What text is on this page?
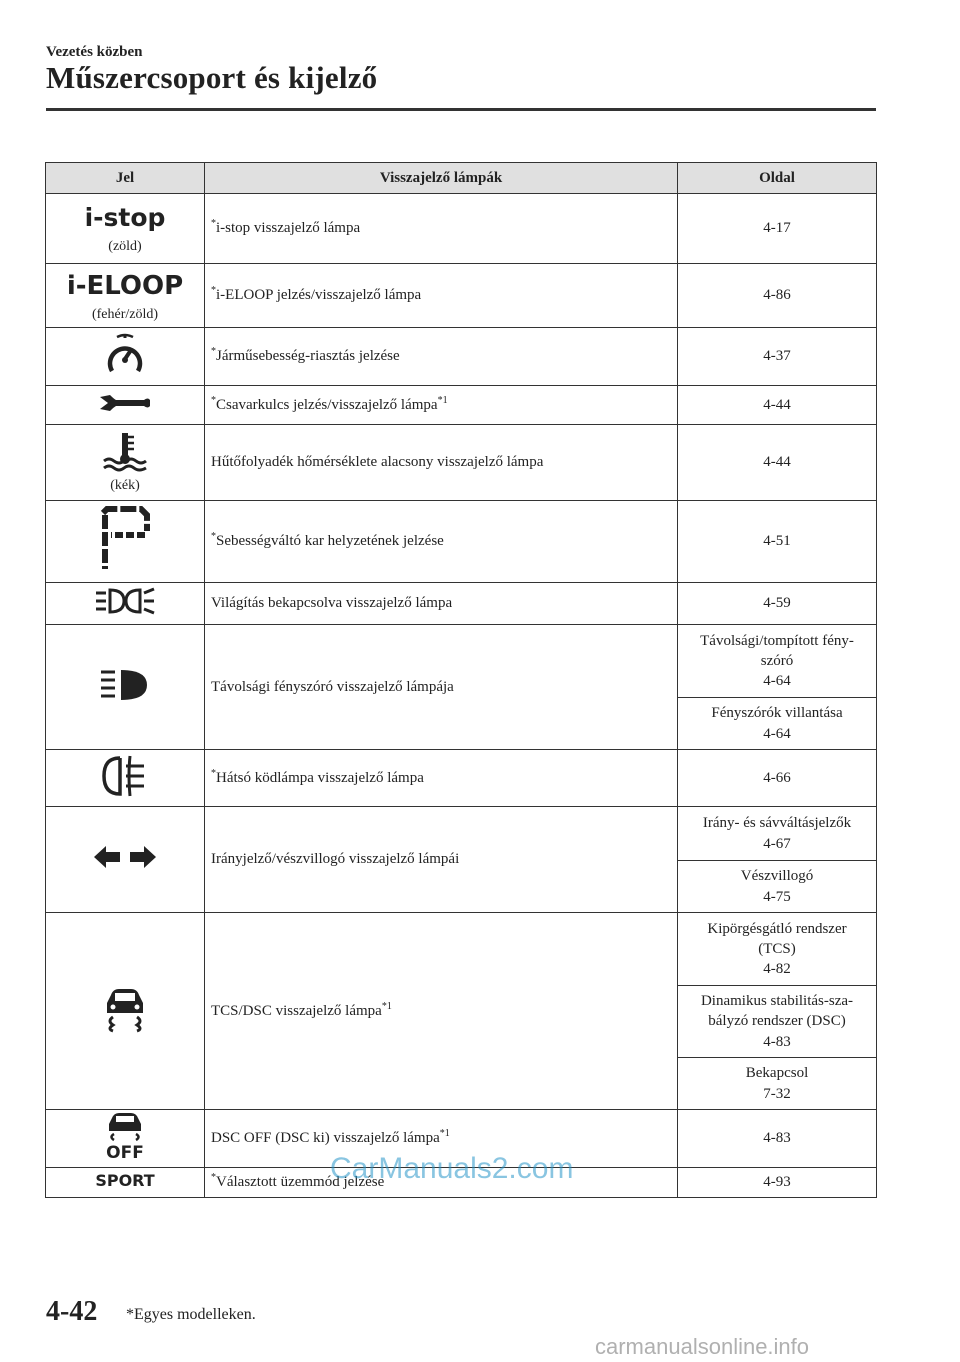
Vezetés közben
Műszercsoport és kijelző
Jel	Visszajelző lámpák	Oldal

i-stop
(zöld)	*i-stop visszajelző lámpa	4-17

i-ELOOP
(fehér/zöld)	*i-ELOOP jelzés/visszajelző lámpa	4-86
	*Járműsebesség-riasztás jelzése	4-37
	*Csavarkulcs jelzés/visszajelző lámpa$^{*1}$	4-44

(kék)	Hűtőfolyadék hőmérséklete alacsony visszajelző lámpa	4-44
	*Sebességváltó kar helyzetének jelzése	4-51
	Világítás bekapcsolva visszajelző lámpa	4-59
	Távolsági fényszóró visszajelző lámpája	Távolsági/tompított fény-
szóró
4-64
		Fényszórók villantása
4-64
	*Hátsó ködlámpa visszajelző lámpa	4-66
	Irányjelző/vészvillogó visszajelző lámpái	Irány- és sávváltásjelzők
4-67
		Vészvillogó
4-75
	TCS/DSC visszajelző lámpa$^{*1}$	Kipörgésgátló rendszer
(TCS)
4-82
		Dinamikus stabilitás-sza-
bályzó rendszer (DSC)
4-83
		Bekapcsol
7-32

OFF	DSC OFF (DSC ki) visszajelző lámpa$^{*1}$	4-83

SPORT	*Választott üzemmód jelzése	4-93
CarManuals2.com
4-42 *Egyes modelleken.
carmanualsonline.info
